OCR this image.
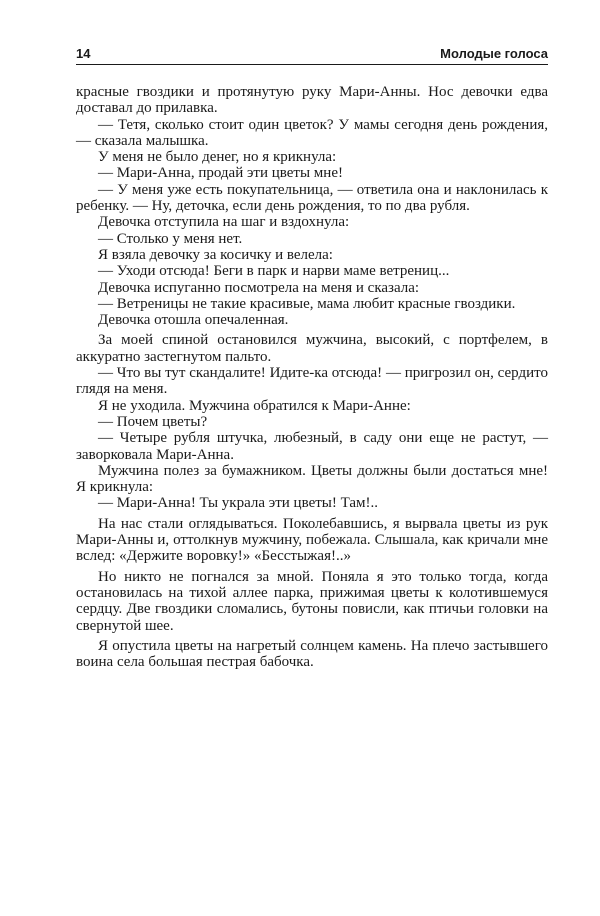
14	Молодые голоса

красные гвоздики и протянутую руку Мари-Анны. Нос девочки едва доставал до прилавка.

— Тетя, сколько стоит один цветок? У мамы сегодня день рождения, — сказала малышка.

У меня не было денег, но я крикнула:

— Мари-Анна, продай эти цветы мне!

— У меня уже есть покупательница, — ответила она и наклонилась к ребенку. — Ну, деточка, если день рождения, то по два рубля.

Девочка отступила на шаг и вздохнула:

— Столько у меня нет.

Я взяла девочку за косичку и велела:

— Уходи отсюда! Беги в парк и нарви маме ветрениц...

Девочка испуганно посмотрела на меня и сказала:

— Ветреницы не такие красивые, мама любит красные гвоздики.

Девочка отошла опечаленная.

За моей спиной остановился мужчина, высокий, с портфелем, в аккуратно застегнутом пальто.

— Что вы тут скандалите! Идите-ка отсюда! — пригрозил он, сердито глядя на меня.

Я не уходила. Мужчина обратился к Мари-Анне:

— Почем цветы?

— Четыре рубля штучка, любезный, в саду они еще не растут, — заворковала Мари-Анна.

Мужчина полез за бумажником. Цветы должны были достаться мне! Я крикнула:

— Мари-Анна! Ты украла эти цветы! Там!..

На нас стали оглядываться. Поколебавшись, я вырвала цветы из рук Мари-Анны и, оттолкнув мужчину, побежала. Слышала, как кричали мне вслед: «Держите воровку!» «Бесстыжая!..»

Но никто не погнался за мной. Поняла я это только тогда, когда остановилась на тихой аллее парка, прижимая цветы к колотившемуся сердцу. Две гвоздики сломались, бутоны повисли, как птичьи головки на свернутой шее.

Я опустила цветы на нагретый солнцем камень. На плечо застывшего воина села большая пестрая бабочка.
